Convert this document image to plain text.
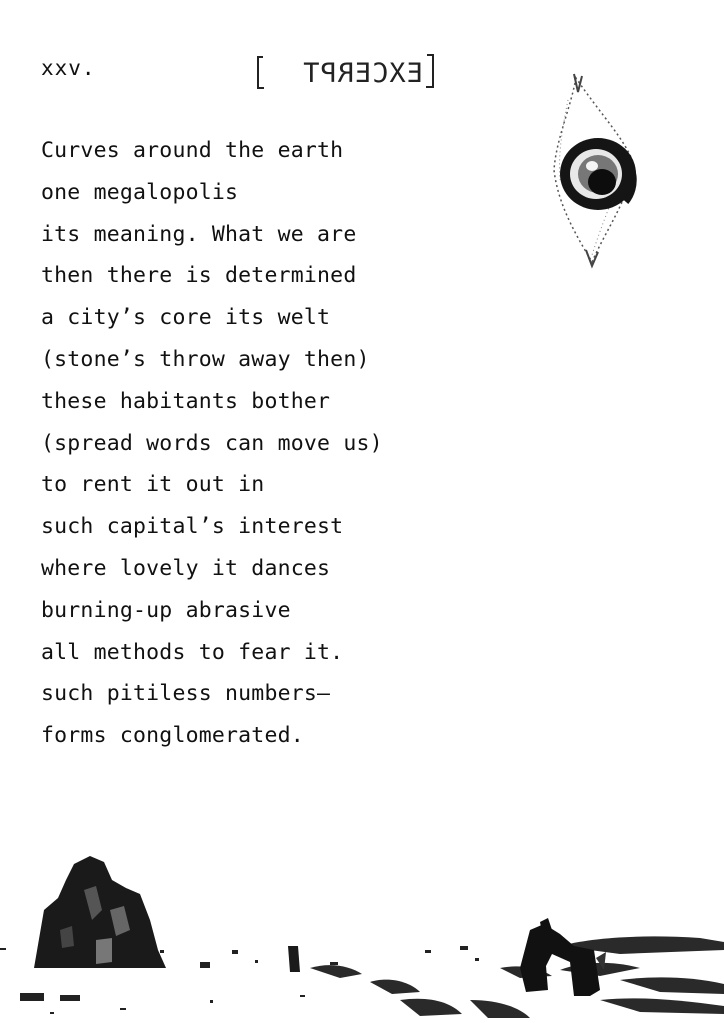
xxv.	EXCERPT
Curves around the earth
one megalopolis
its meaning. What we are
then there is determined
a city’s core its welt
(stone’s throw away then)
these habitants bother
(spread words can move us)
to rent it out in
such capital’s interest
where lovely it dances
burning-up abrasive
all methods to fear it.
such pitiless numbers—
forms conglomerated.
